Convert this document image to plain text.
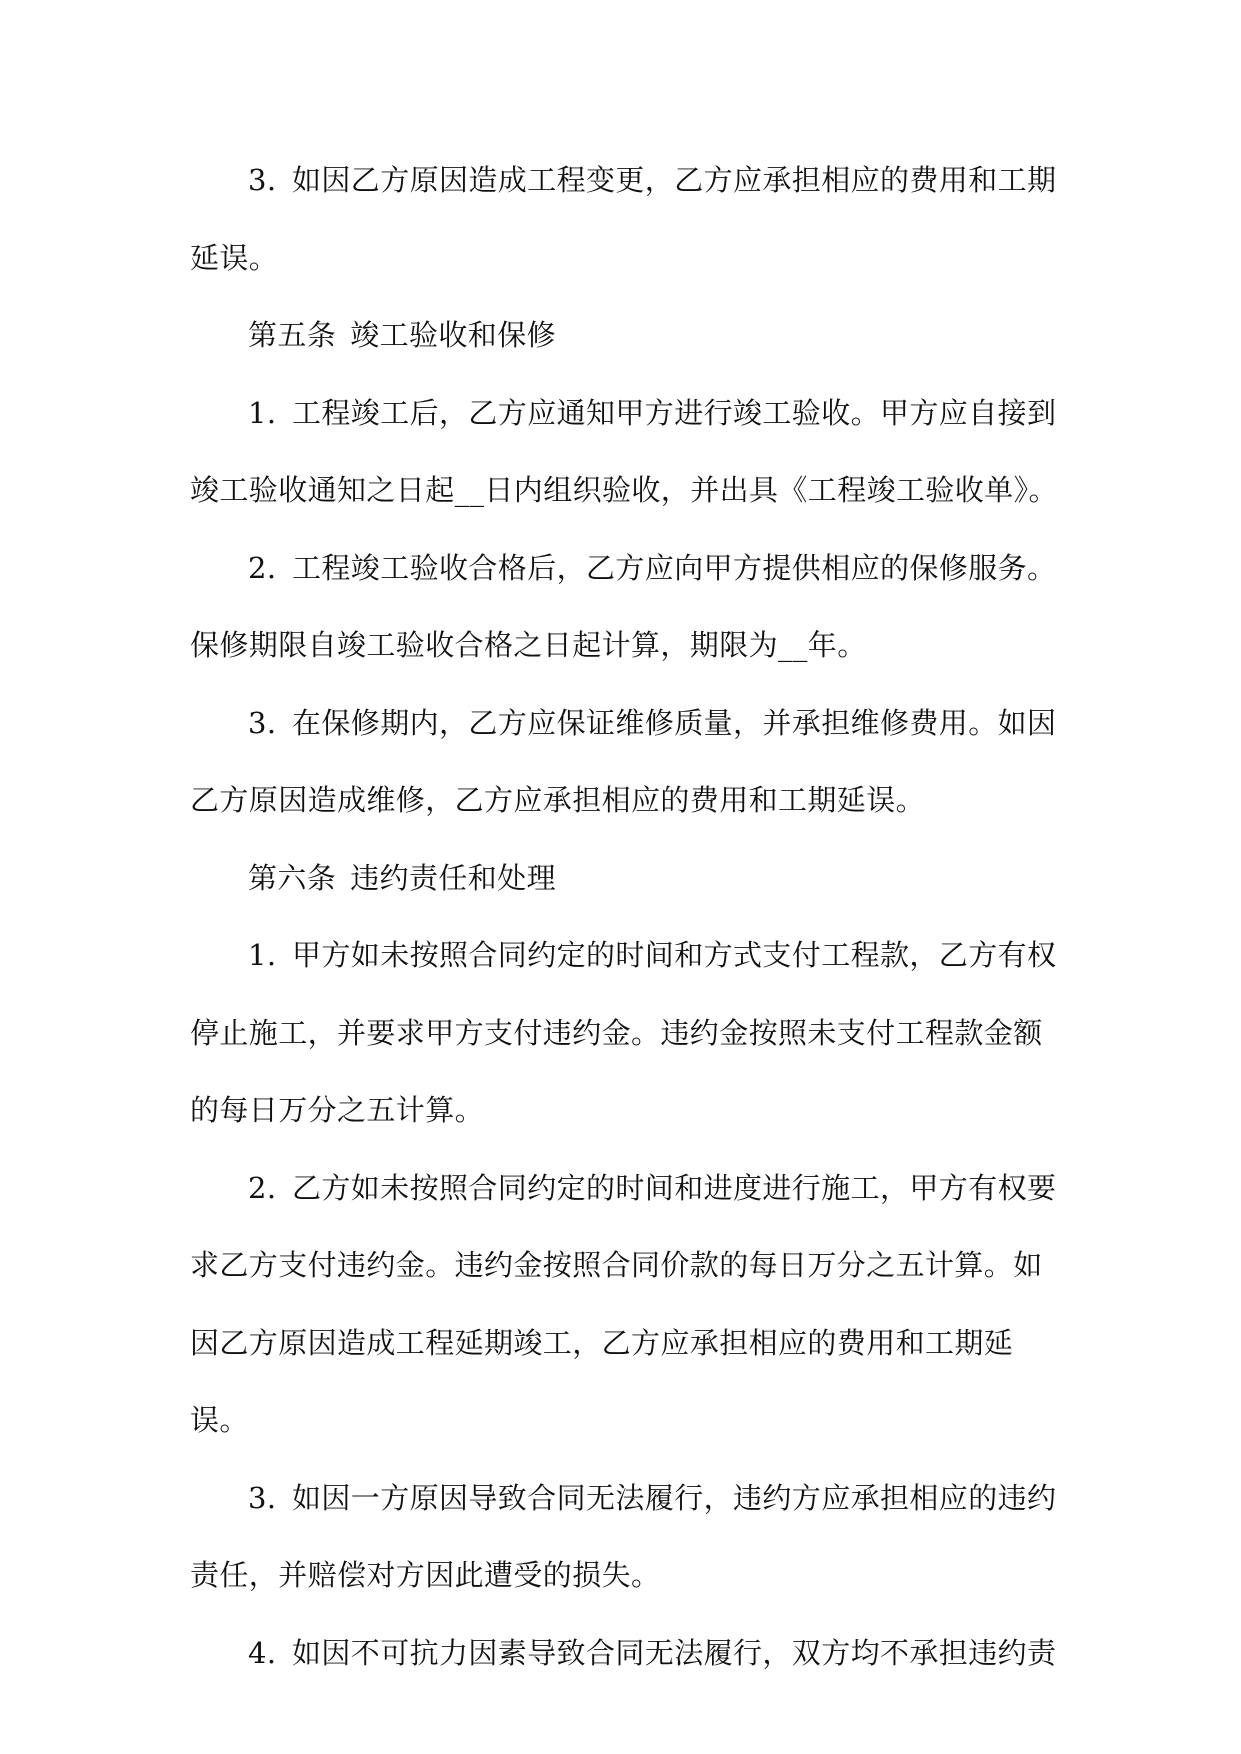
3. 如因乙方原因造成工程变更，乙方应承担相应的费用和工期延误。

第五条 竣工验收和保修

1. 工程竣工后，乙方应通知甲方进行竣工验收。甲方应自接到竣工验收通知之日起__日内组织验收，并出具《工程竣工验收单》。

2. 工程竣工验收合格后，乙方应向甲方提供相应的保修服务。保修期限自竣工验收合格之日起计算，期限为__年。

3. 在保修期内，乙方应保证维修质量，并承担维修费用。如因乙方原因造成维修，乙方应承担相应的费用和工期延误。

第六条 违约责任和处理

1. 甲方如未按照合同约定的时间和方式支付工程款，乙方有权停止施工，并要求甲方支付违约金。违约金按照未支付工程款金额的每日万分之五计算。

2. 乙方如未按照合同约定的时间和进度进行施工，甲方有权要求乙方支付违约金。违约金按照合同价款的每日万分之五计算。如因乙方原因造成工程延期竣工，乙方应承担相应的费用和工期延误。

3. 如因一方原因导致合同无法履行，违约方应承担相应的违约责任，并赔偿对方因此遭受的损失。

4. 如因不可抗力因素导致合同无法履行，双方均不承担违约责
